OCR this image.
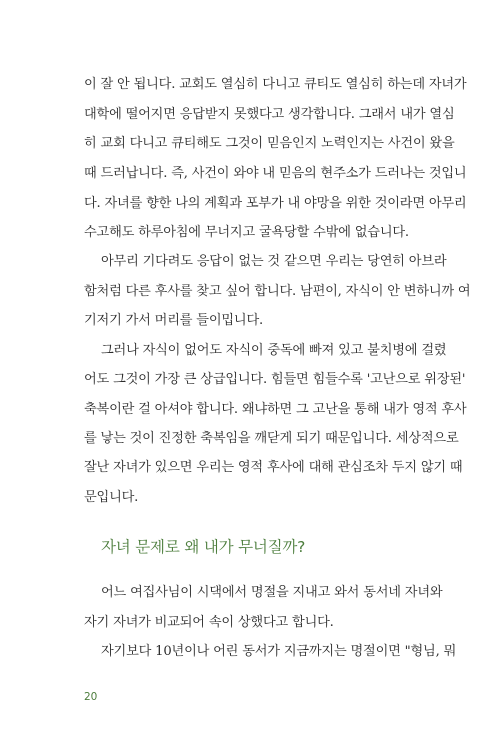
이 잘 안 됩니다. 교회도 열심히 다니고 큐티도 열심히 하는데 자녀가
대학에 떨어지면 응답받지 못했다고 생각합니다. 그래서 내가 열심
히 교회 다니고 큐티해도 그것이 믿음인지 노력인지는 사건이 왔을
때 드러납니다. 즉, 사건이 와야 내 믿음의 현주소가 드러나는 것입니
다. 자녀를 향한 나의 계획과 포부가 내 야망을 위한 것이라면 아무리
수고해도 하루아침에 무너지고 굴욕당할 수밖에 없습니다.
아무리 기다려도 응답이 없는 것 같으면 우리는 당연히 아브라
함처럼 다른 후사를 찾고 싶어 합니다. 남편이, 자식이 안 변하니까 여
기저기 가서 머리를 들이밉니다.
그러나 자식이 없어도 자식이 중독에 빠져 있고 불치병에 걸렸
어도 그것이 가장 큰 상급입니다. 힘들면 힘들수록 '고난으로 위장된'
축복이란 걸 아셔야 합니다. 왜냐하면 그 고난을 통해 내가 영적 후사
를 낳는 것이 진정한 축복임을 깨닫게 되기 때문입니다. 세상적으로
잘난 자녀가 있으면 우리는 영적 후사에 대해 관심조차 두지 않기 때
문입니다.
자녀 문제로 왜 내가 무너질까?
어느 여집사님이 시댁에서 명절을 지내고 와서 동서네 자녀와
자기 자녀가 비교되어 속이 상했다고 합니다.
자기보다 10년이나 어린 동서가 지금까지는 명절이면 "형님, 뭐
20
